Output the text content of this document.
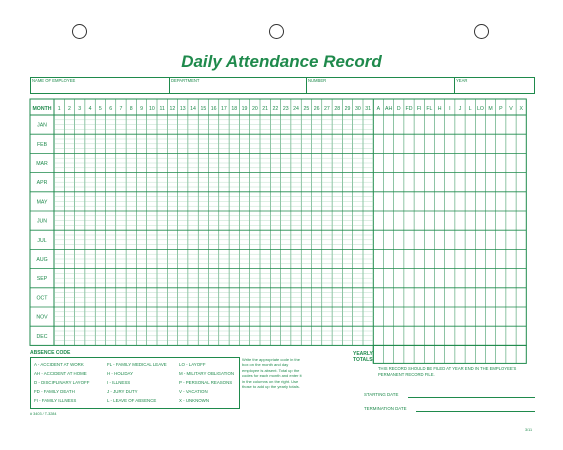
Daily Attendance Record
NAME OF EMPLOYEE	DEPARTMENT	NUMBER	YEAR
MONTH 1 2 3 4 5 6 7 8 9 10 11 12 13 14 15 16 17 18 19 20 21 22 23 24 25 26 27 28 29 30 31 A AH D FD FI FL H I J L LO M P V X
JAN
FEB
MAR
APR
MAY
JUN
JUL
AUG
SEP
OCT
NOV
DEC
ABSENCE CODE
A - ACCIDENT AT WORK	FL - FAMILY MEDICAL LEAVE	LO - LAYOFF
AH - ACCIDENT AT HOME	H - HOLIDAY	M - MILITARY OBLIGATION
D - DISCIPLINARY LAYOFF	I - ILLNESS	P - PERSONAL REASONS
FD - FAMILY DEATH	J - JURY DUTY	V - VACATION
FI - FAMILY ILLNESS	L - LEAVE OF ABSENCE	X - UNKNOWN
Write the appropriate code in the box on the month and day employee is absent. Total up the codes for each month and enter it in the columns on the right. Use those to add up the yearly totals.
YEARLY
TOTALS
THIS RECORD SHOULD BE FILED AT YEAR END IN THE EMPLOYEE'S PERMANENT RECORD FILE.
STARTING DATE
TERMINATION DATE
# 3403 / T-3284
3/11
